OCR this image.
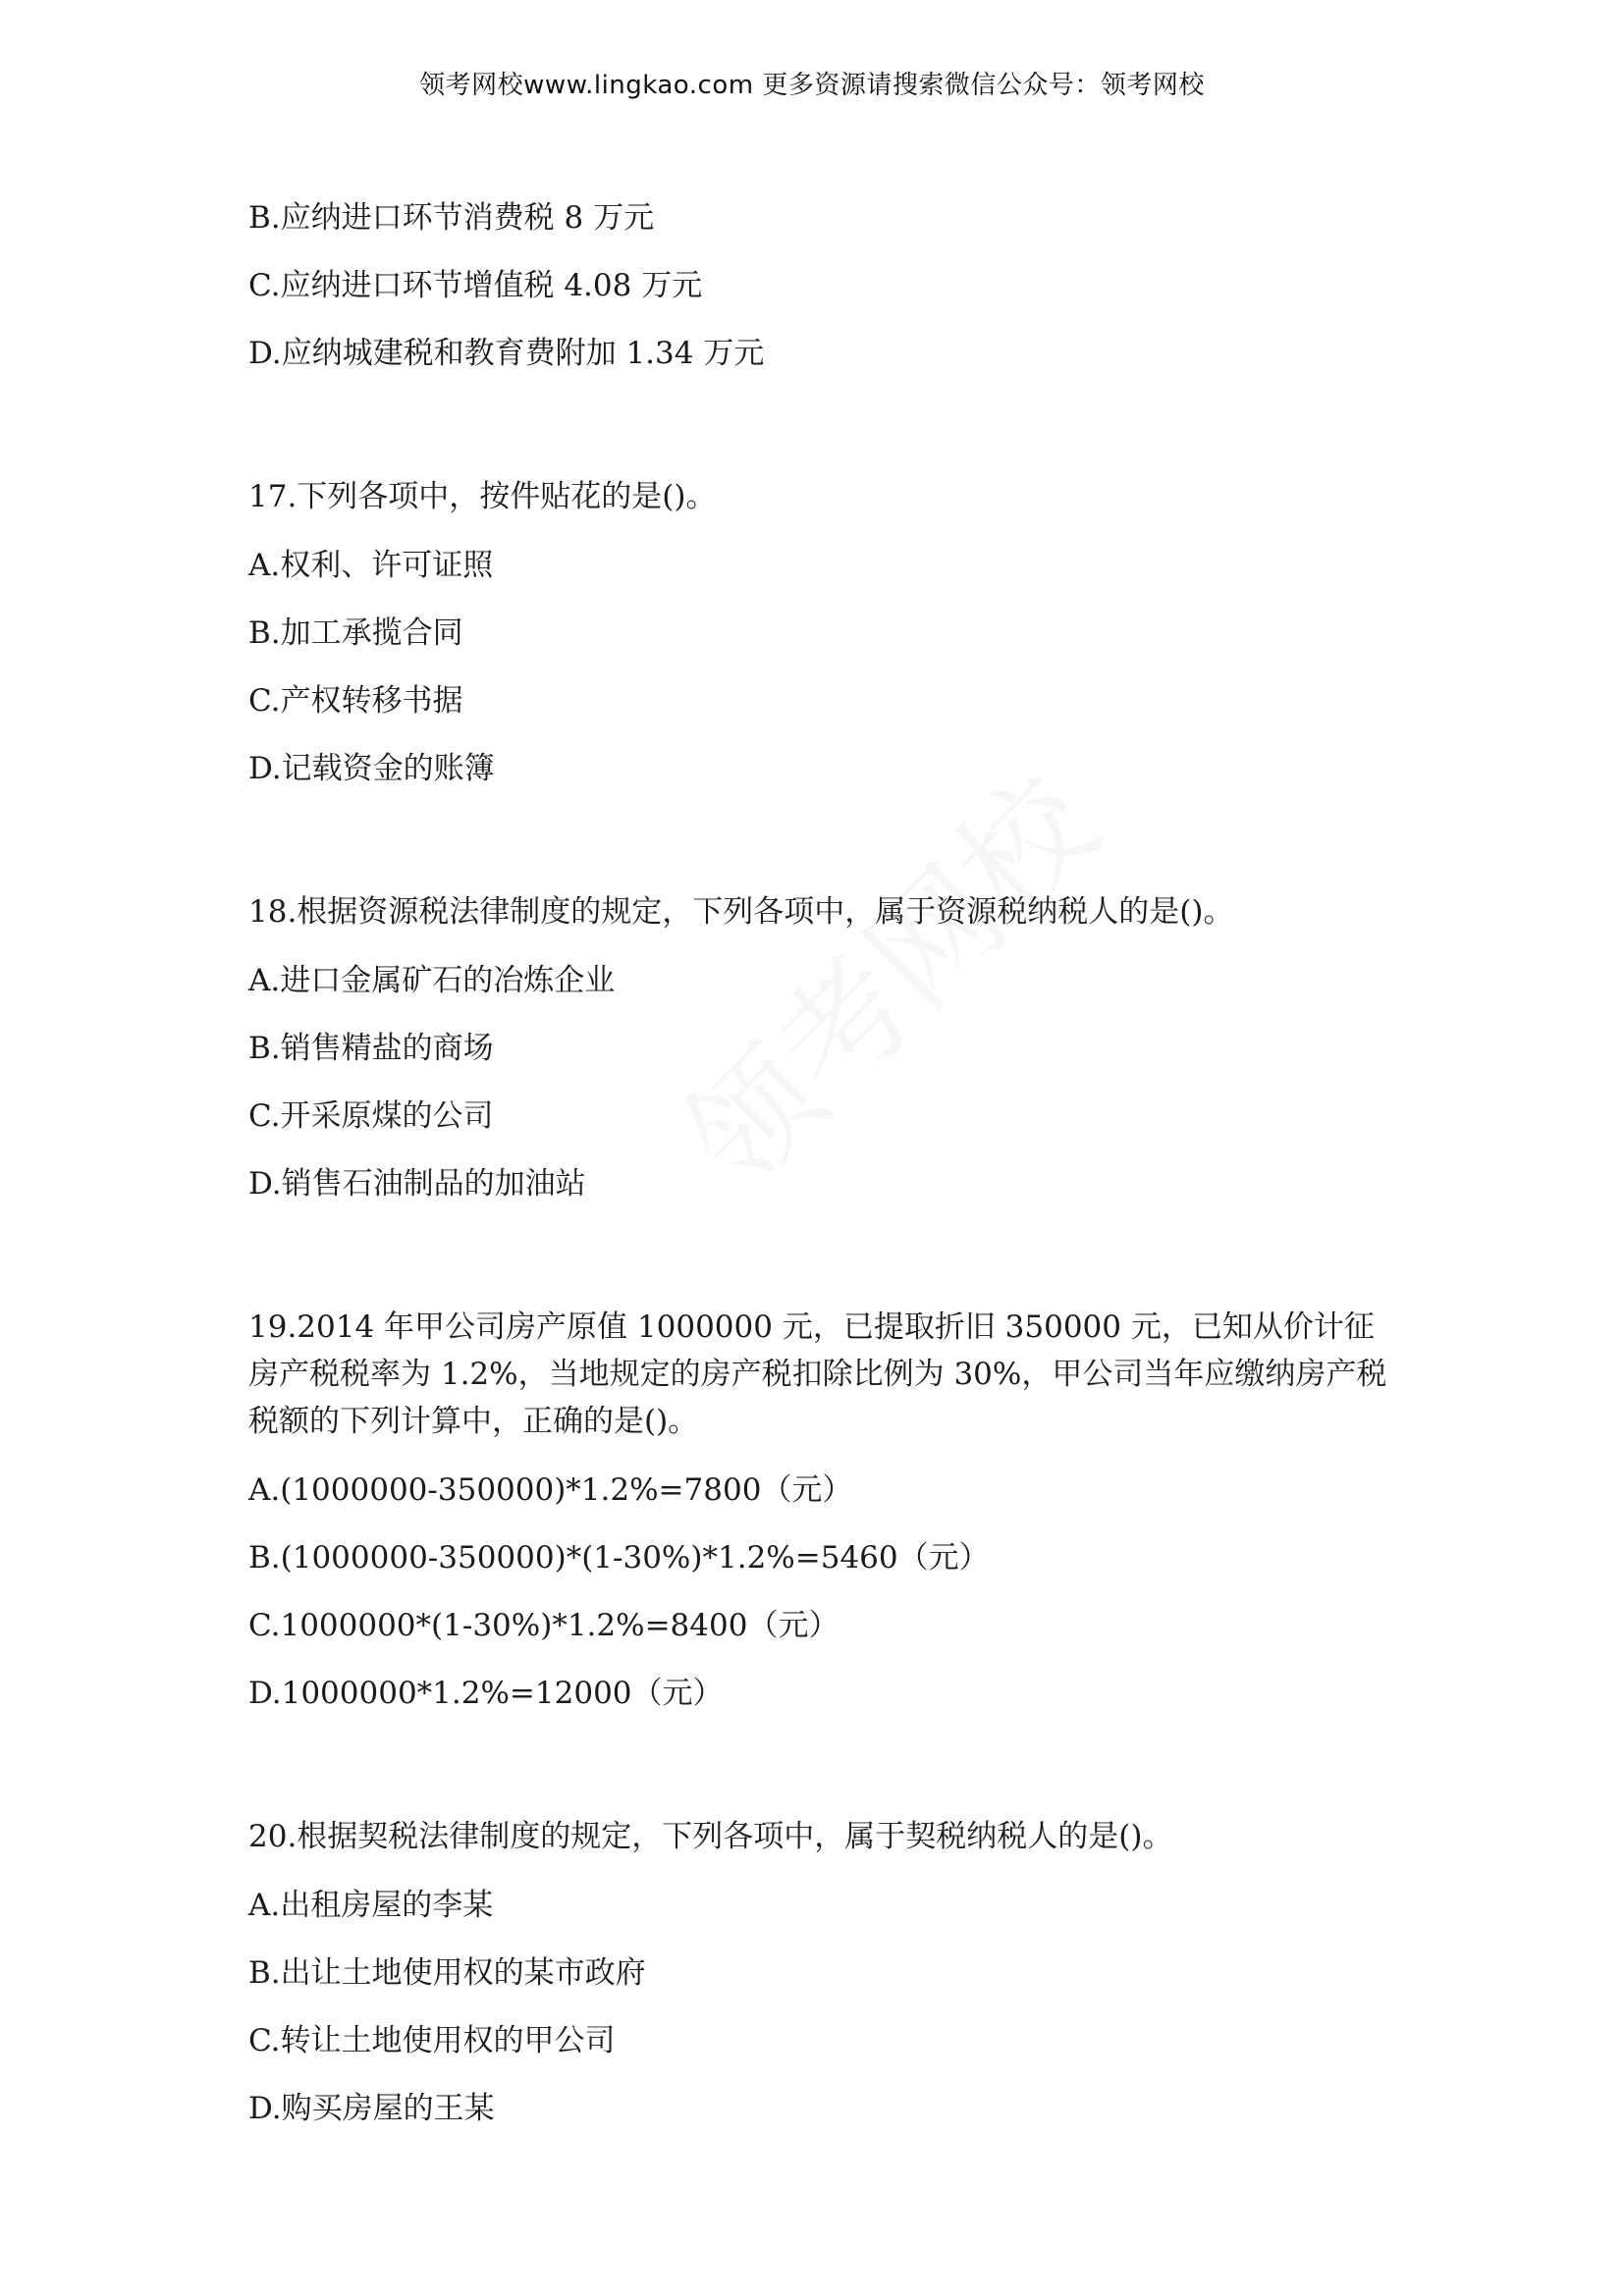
领考网校www.lingkao.com 更多资源请搜索微信公众号：领考网校

B.应纳进口环节消费税 8 万元

C.应纳进口环节增值税 4.08 万元

D.应纳城建税和教育费附加 1.34 万元

17.下列各项中，按件贴花的是()。

A.权利、许可证照

B.加工承揽合同

C.产权转移书据

D.记载资金的账簿

18.根据资源税法律制度的规定，下列各项中，属于资源税纳税人的是()。

A.进口金属矿石的冶炼企业

B.销售精盐的商场

C.开采原煤的公司

D.销售石油制品的加油站

19.2014 年甲公司房产原值 1000000 元，已提取折旧 350000 元，已知从价计征房产税税率为 1.2%，当地规定的房产税扣除比例为 30%，甲公司当年应缴纳房产税税额的下列计算中，正确的是()。

A.(1000000-350000)*1.2%=7800（元）

B.(1000000-350000)*(1-30%)*1.2%=5460（元）

C.1000000*(1-30%)*1.2%=8400（元）

D.1000000*1.2%=12000（元）

20.根据契税法律制度的规定，下列各项中，属于契税纳税人的是()。

A.出租房屋的李某

B.出让土地使用权的某市政府

C.转让土地使用权的甲公司

D.购买房屋的王某
